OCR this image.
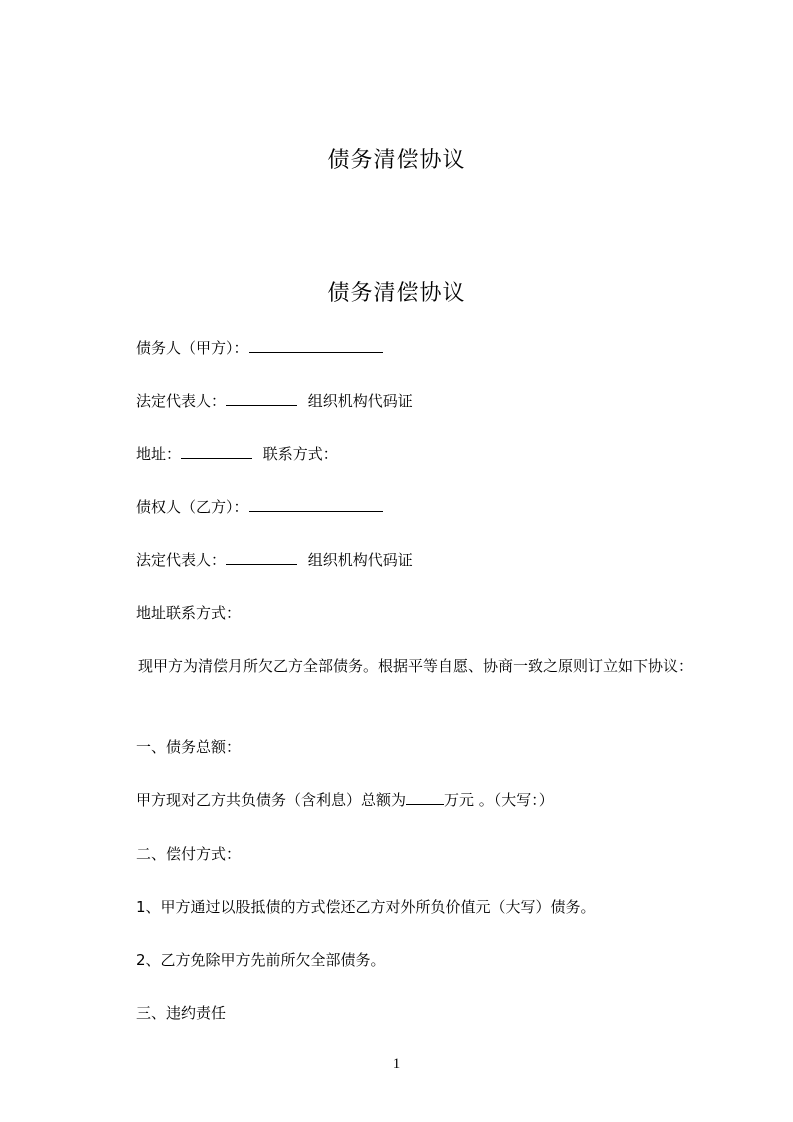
债务清偿协议
债务清偿协议
债务人（甲方）：
法定代表人：	组织机构代码证
地址：	联系方式：
债权人（乙方）：
法定代表人：	组织机构代码证
地址联系方式：
现甲方为清偿月所欠乙方全部债务。根据平等自愿、协商一致之原则订立如下协议：
一、债务总额：
甲方现对乙方共负债务（含利息）总额为	万元 。（大写：）
二、偿付方式：
1、甲方通过以股抵债的方式偿还乙方对外所负价值元（大写）债务。
2、乙方免除甲方先前所欠全部债务。
三、违约责任
1
